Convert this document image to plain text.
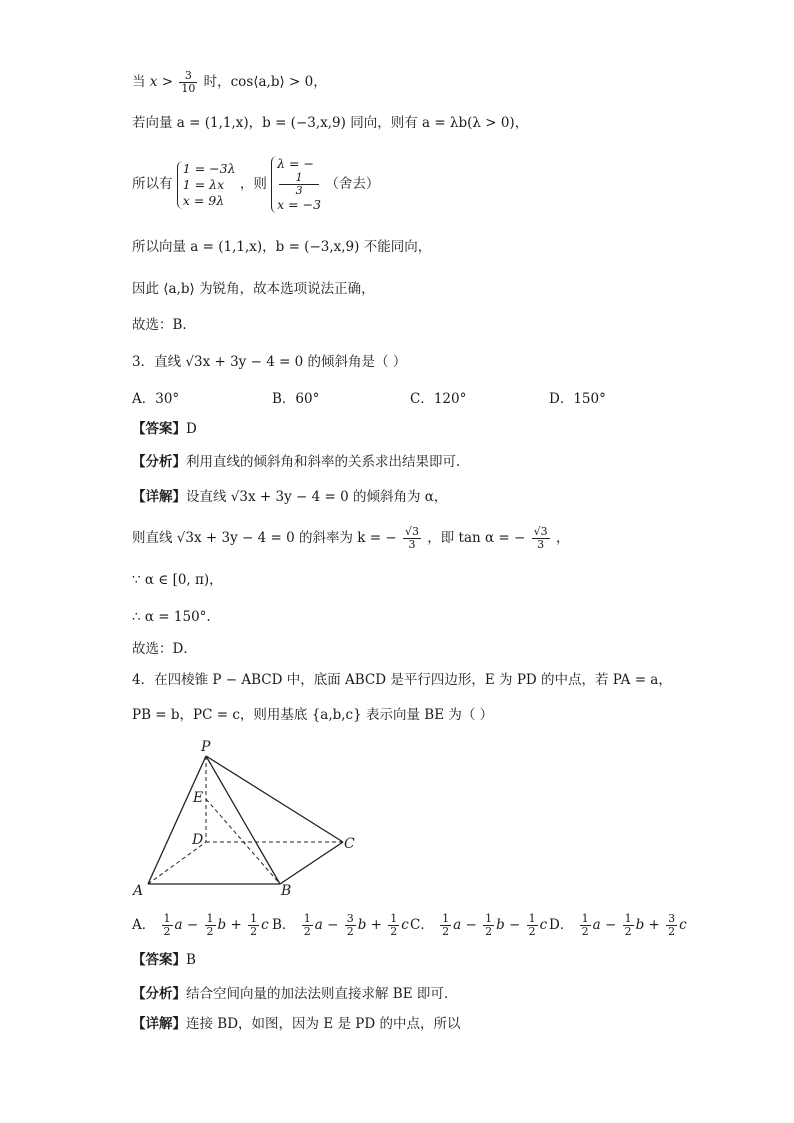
当 $x > \frac{3}{10}$ 时，cos⟨a,b⟩ > 0，
若向量 a = (1,1,x)，b = (−3,x,9) 同向，则有 a = λb(λ > 0)，
所以有
1 = −3λ
1 = λx
x = 9λ
，则
λ = −
1
3
x = −3
（舍去）
所以向量 a = (1,1,x)，b = (−3,x,9) 不能同向，
因此 ⟨a,b⟩ 为锐角，故本选项说法正确，
故选：B.
3．直线 √3x + 3y − 4 = 0 的倾斜角是（ ）
A．30°	B．60°	C．120°	D．150°
【答案】D
【分析】利用直线的倾斜角和斜率的关系求出结果即可.
【详解】设直线 √3x + 3y − 4 = 0 的倾斜角为 α，
则直线 √3x + 3y − 4 = 0 的斜率为 k = − $\frac{√3}{3}$ ，即 tan α = − $\frac{√3}{3}$ ，
∵ α ∈ [0, π)，
∴ α = 150°.
故选：D．
4．在四棱锥 P − ABCD 中，底面 ABCD 是平行四边形，E 为 PD 的中点，若 PA = a，
PB = b，PC = c，则用基底 {a,b,c} 表示向量 BE 为（ ）
P
E
D	C
A	B
A． $\frac{1}{2}$ $a - \frac{1}{2}$ $b + \frac{1}{2}$ c B． $\frac{1}{2}$ $a - \frac{3}{2}$ $b + \frac{1}{2}$ c C． $\frac{1}{2}$ $a - \frac{1}{2}$ $b - \frac{1}{2}$ c D． $\frac{1}{2}$ $a - \frac{1}{2}$ $b + \frac{3}{2}$ c
【答案】B
【分析】结合空间向量的加法法则直接求解 BE 即可.
【详解】连接 BD，如图，因为 E 是 PD 的中点，所以
